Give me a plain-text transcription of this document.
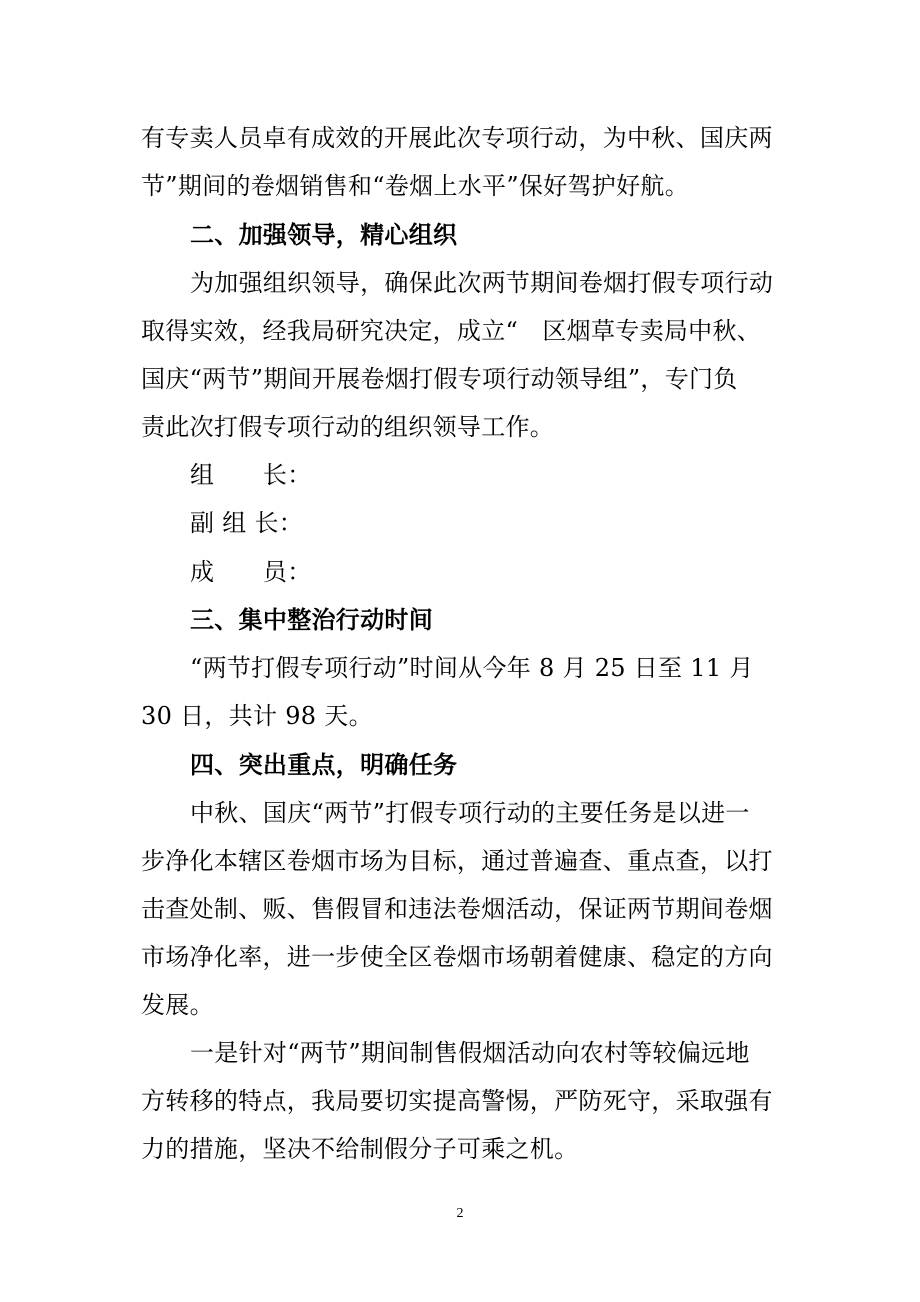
有专卖人员卓有成效的开展此次专项行动，为中秋、国庆两
节”期间的卷烟销售和“卷烟上水平”保好驾护好航。
二、加强领导，精心组织
为加强组织领导，确保此次两节期间卷烟打假专项行动
取得实效，经我局研究决定，成立“　区烟草专卖局中秋、
国庆“两节”期间开展卷烟打假专项行动领导组”，专门负
责此次打假专项行动的组织领导工作。
组　　长：
副 组 长：
成　　员：
三、集中整治行动时间
“两节打假专项行动”时间从今年 8 月 25 日至 11 月
30 日，共计 98 天。
四、突出重点，明确任务
中秋、国庆“两节”打假专项行动的主要任务是以进一
步净化本辖区卷烟市场为目标，通过普遍查、重点查，以打
击查处制、贩、售假冒和违法卷烟活动，保证两节期间卷烟
市场净化率，进一步使全区卷烟市场朝着健康、稳定的方向
发展。
一是针对“两节”期间制售假烟活动向农村等较偏远地
方转移的特点，我局要切实提高警惕，严防死守，采取强有
力的措施，坚决不给制假分子可乘之机。
2
